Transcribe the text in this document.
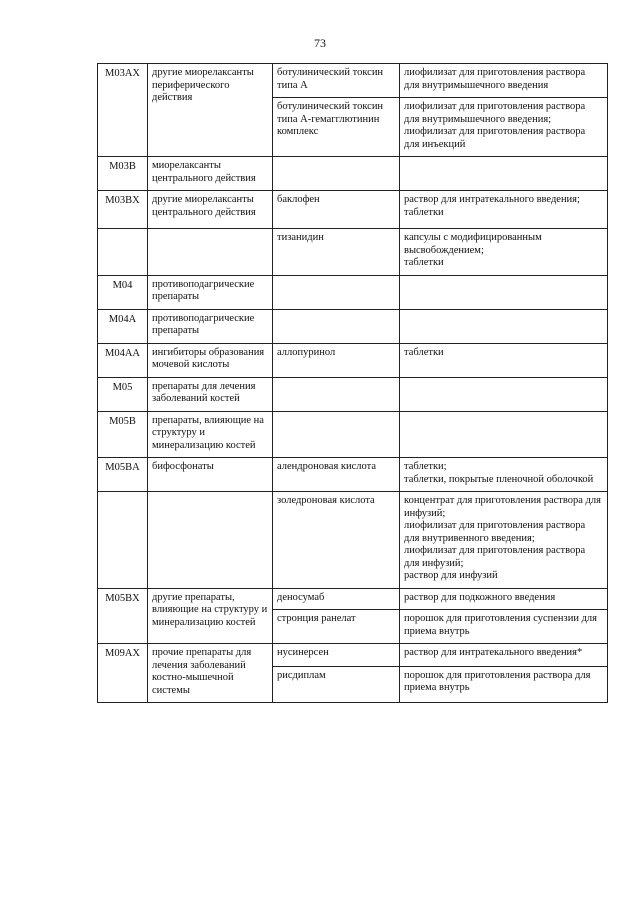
73
M03AX	другие миорелаксанты периферического действия	ботулинический токсин типа А	лиофилизат для приготовления раствора для внутримышечного введения

		ботулинический токсин типа А-гемагглютинин комплекс	лиофилизат для приготовления раствора для внутримышечного введения;
лиофилизат для приготовления раствора для инъекций

M03B	миорелаксанты центрального действия		
M03BX	другие миорелаксанты центрального действия	баклофен	раствор для интратекального введения;
таблетки

		тизанидин	капсулы с модифицированным высвобождением;
таблетки

M04	противоподагрические препараты		
M04A	противоподагрические препараты		
M04AA	ингибиторы образования мочевой кислоты	аллопуринол	таблетки

M05	препараты для лечения заболеваний костей		
M05B	препараты, влияющие на структуру и минерализацию костей		
M05BA	бифосфонаты	алендроновая кислота	таблетки;
таблетки, покрытые пленочной оболочкой

		золедроновая кислота	концентрат для приготовления раствора для инфузий;
лиофилизат для приготовления раствора для внутривенного введения;
лиофилизат для приготовления раствора для инфузий;
раствор для инфузий

M05BX	другие препараты, влияющие на структуру и минерализацию костей	деносумаб	раствор для подкожного введения

		стронция ранелат	порошок для приготовления суспензии для приема внутрь

M09AX	прочие препараты для лечения заболеваний костно-мышечной системы	нусинерсен	раствор для интратекального введения*

		рисдиплам	порошок для приготовления раствора для приема внутрь
